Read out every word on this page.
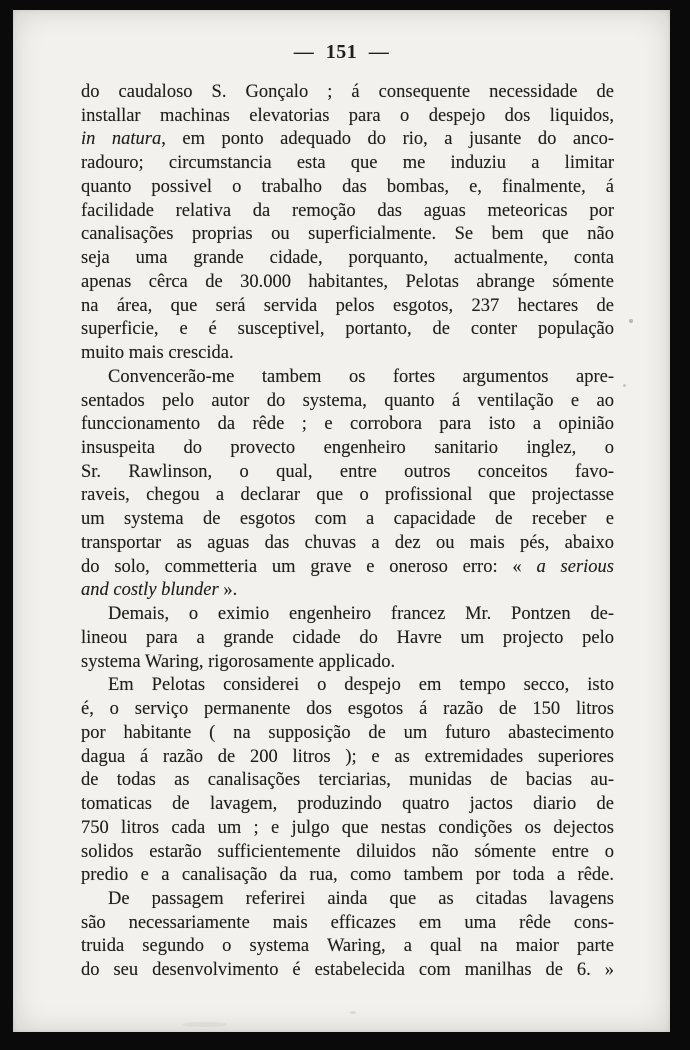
— 151 —
do caudaloso S. Gonçalo ; á consequente necessidade de
installar machinas elevatorias para o despejo dos liquidos,
in natura, em ponto adequado do rio, a jusante do anco-
radouro; circumstancia esta que me induziu a limitar
quanto possivel o trabalho das bombas, e, finalmente, á
facilidade relativa da remoção das aguas meteoricas por
canalisações proprias ou superficialmente. Se bem que não
seja uma grande cidade, porquanto, actualmente, conta
apenas cêrca de 30.000 habitantes, Pelotas abrange sómente
na área, que será servida pelos esgotos, 237 hectares de
superficie, e é susceptivel, portanto, de conter população
muito mais crescida.
Convencerão-me tambem os fortes argumentos apre-
sentados pelo autor do systema, quanto á ventilação e ao
funccionamento da rêde ; e corrobora para isto a opinião
insuspeita do provecto engenheiro sanitario inglez, o
Sr. Rawlinson, o qual, entre outros conceitos favo-
raveis, chegou a declarar que o profissional que projectasse
um systema de esgotos com a capacidade de receber e
transportar as aguas das chuvas a dez ou mais pés, abaixo
do solo, commetteria um grave e oneroso erro: « a serious
and costly blunder ».
Demais, o eximio engenheiro francez Mr. Pontzen de-
lineou para a grande cidade do Havre um projecto pelo
systema Waring, rigorosamente applicado.
Em Pelotas considerei o despejo em tempo secco, isto
é, o serviço permanente dos esgotos á razão de 150 litros
por habitante ( na supposição de um futuro abastecimento
dagua á razão de 200 litros ); e as extremidades superiores
de todas as canalisações terciarias, munidas de bacias au-
tomaticas de lavagem, produzindo quatro jactos diario de
750 litros cada um ; e julgo que nestas condições os dejectos
solidos estarão sufficientemente diluidos não sómente entre o
predio e a canalisação da rua, como tambem por toda a rêde.
De passagem referirei ainda que as citadas lavagens
são necessariamente mais efficazes em uma rêde cons-
truida segundo o systema Waring, a qual na maior parte
do seu desenvolvimento é estabelecida com manilhas de 6. »
